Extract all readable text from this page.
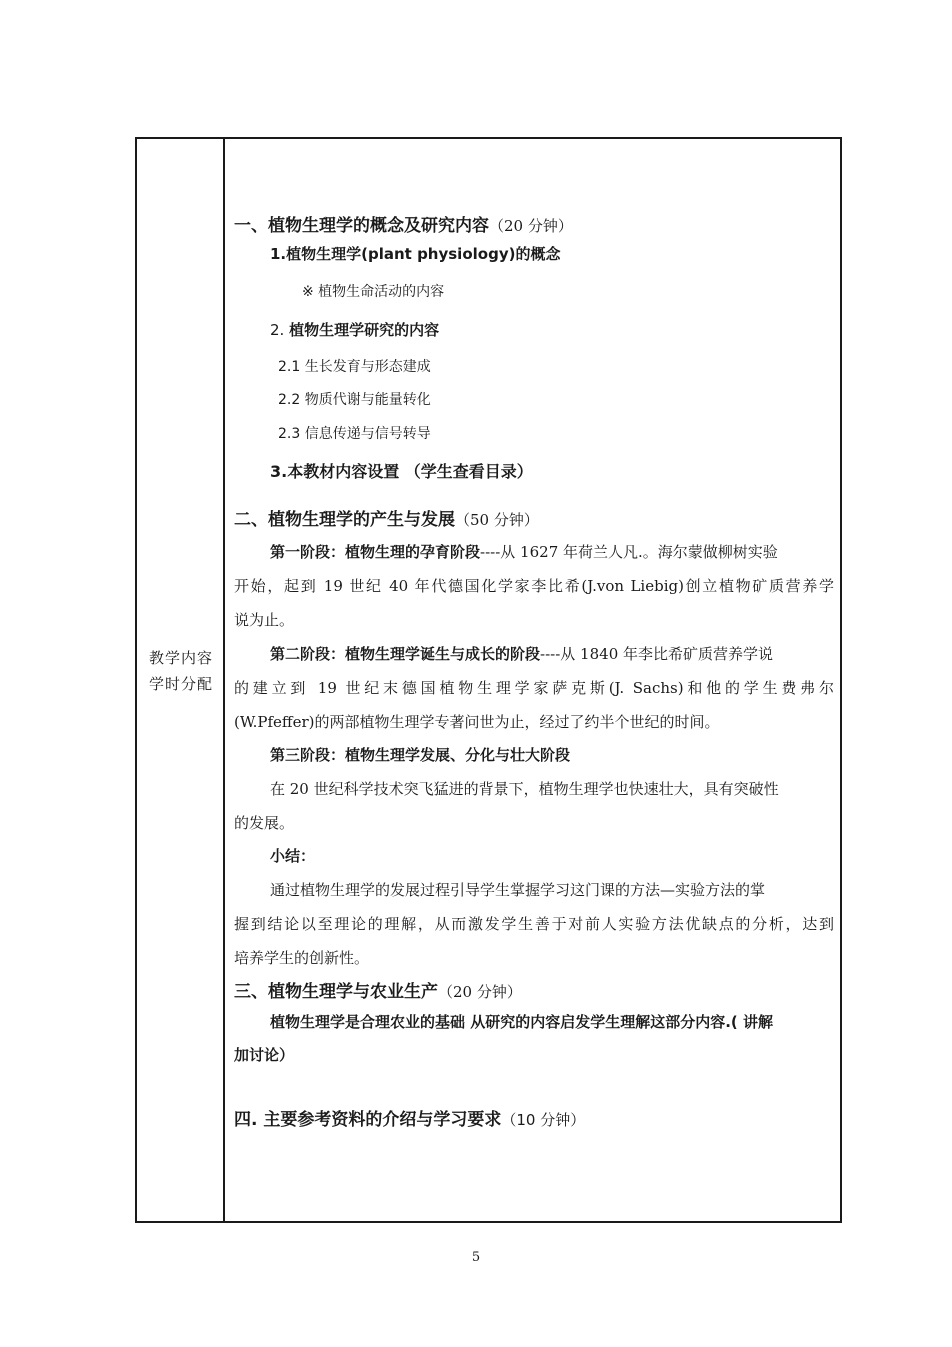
教学内容
学时分配
一、植物生理学的概念及研究内容（20 分钟）
1.植物生理学(plant physiology)的概念
※ 植物生命活动的内容
2. 植物生理学研究的内容
2.1 生长发育与形态建成
2.2 物质代谢与能量转化
2.3 信息传递与信号转导
3.本教材内容设置 （学生查看目录）
二、植物生理学的产生与发展（50 分钟）
第一阶段：植物生理的孕育阶段----从 1627 年荷兰人凡.。海尔蒙做柳树实验
开始，起到 19 世纪 40 年代德国化学家李比希(J.von Liebig)创立植物矿质营养学
说为止。
第二阶段：植物生理学诞生与成长的阶段----从 1840 年李比希矿质营养学说
的建立到 19 世纪末德国植物生理学家萨克斯(J. Sachs)和他的学生费弗尔
(W.Pfeffer)的两部植物生理学专著问世为止，经过了约半个世纪的时间。
第三阶段：植物生理学发展、分化与壮大阶段
在 20 世纪科学技术突飞猛进的背景下，植物生理学也快速壮大，具有突破性
的发展。
小结：
通过植物生理学的发展过程引导学生掌握学习这门课的方法—实验方法的掌
握到结论以至理论的理解，从而激发学生善于对前人实验方法优缺点的分析，达到
培养学生的创新性。
三、植物生理学与农业生产（20 分钟）
植物生理学是合理农业的基础 从研究的内容启发学生理解这部分内容.( 讲解
加讨论）
四. 主要参考资料的介绍与学习要求（10 分钟）
5
